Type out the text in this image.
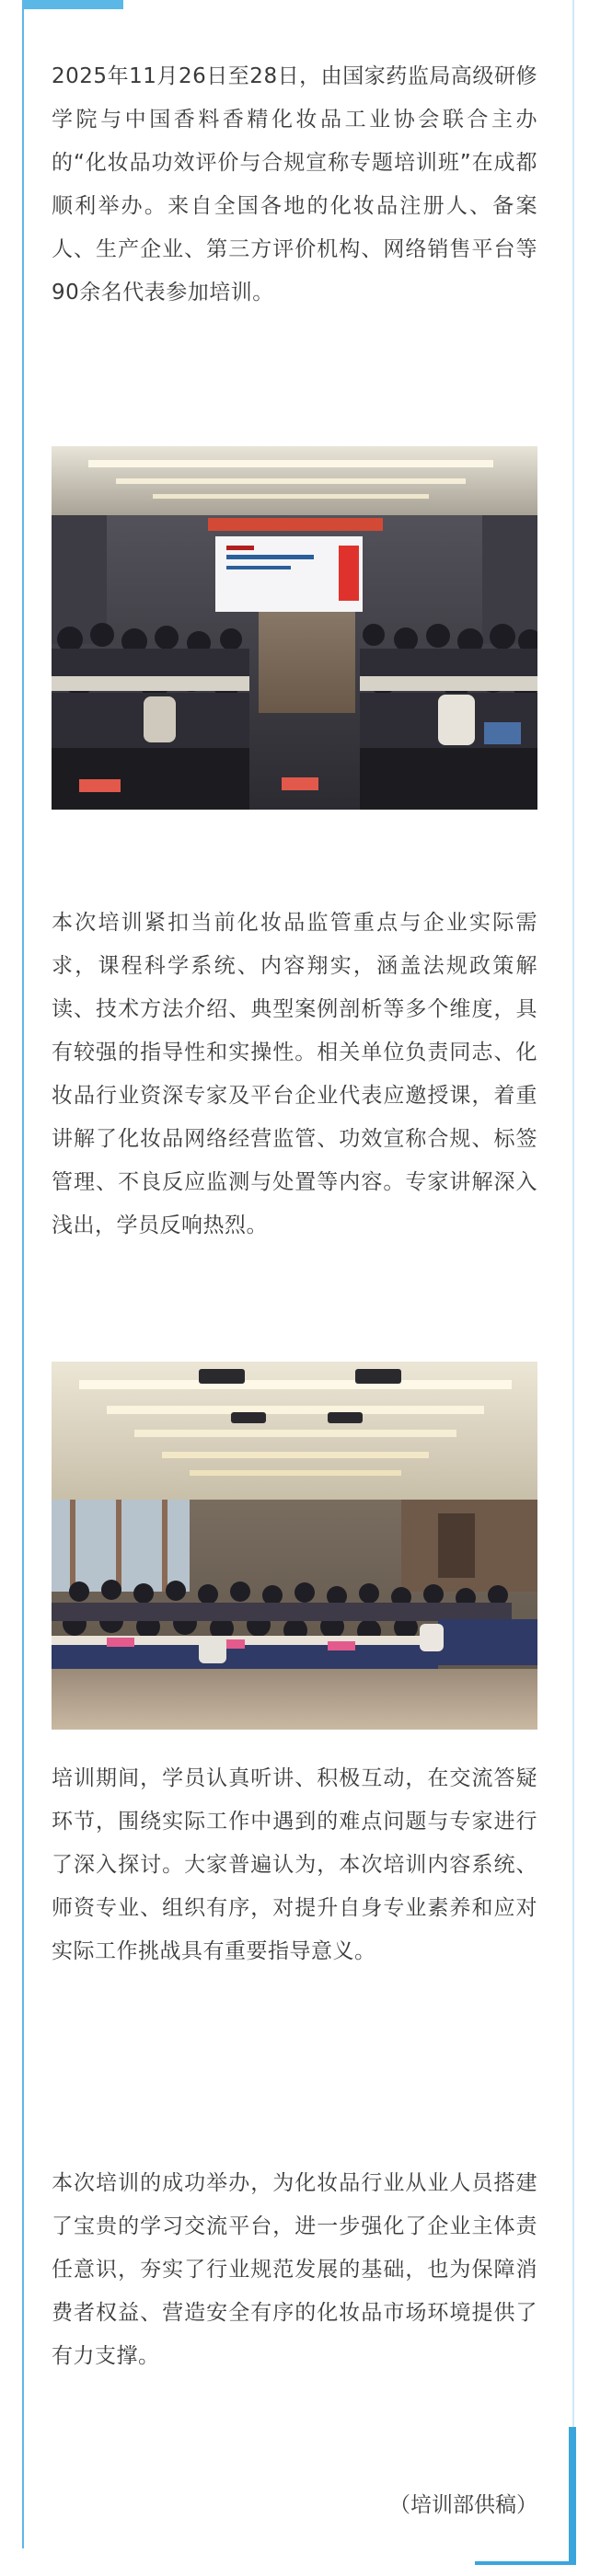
2025年11月26日至28日，由国家药监局高级研修学院与中国香料香精化妆品工业协会联合主办的“化妆品功效评价与合规宣称专题培训班”在成都顺利举办。来自全国各地的化妆品注册人、备案人、生产企业、第三方评价机构、网络销售平台等90余名代表参加培训。

本次培训紧扣当前化妆品监管重点与企业实际需求，课程科学系统、内容翔实，涵盖法规政策解读、技术方法介绍、典型案例剖析等多个维度，具有较强的指导性和实操性。相关单位负责同志、化妆品行业资深专家及平台企业代表应邀授课，着重讲解了化妆品网络经营监管、功效宣称合规、标签管理、不良反应监测与处置等内容。专家讲解深入浅出，学员反响热烈。

培训期间，学员认真听讲、积极互动，在交流答疑环节，围绕实际工作中遇到的难点问题与专家进行了深入探讨。大家普遍认为，本次培训内容系统、师资专业、组织有序，对提升自身专业素养和应对实际工作挑战具有重要指导意义。

本次培训的成功举办，为化妆品行业从业人员搭建了宝贵的学习交流平台，进一步强化了企业主体责任意识，夯实了行业规范发展的基础，也为保障消费者权益、营造安全有序的化妆品市场环境提供了有力支撑。

（培训部供稿）
